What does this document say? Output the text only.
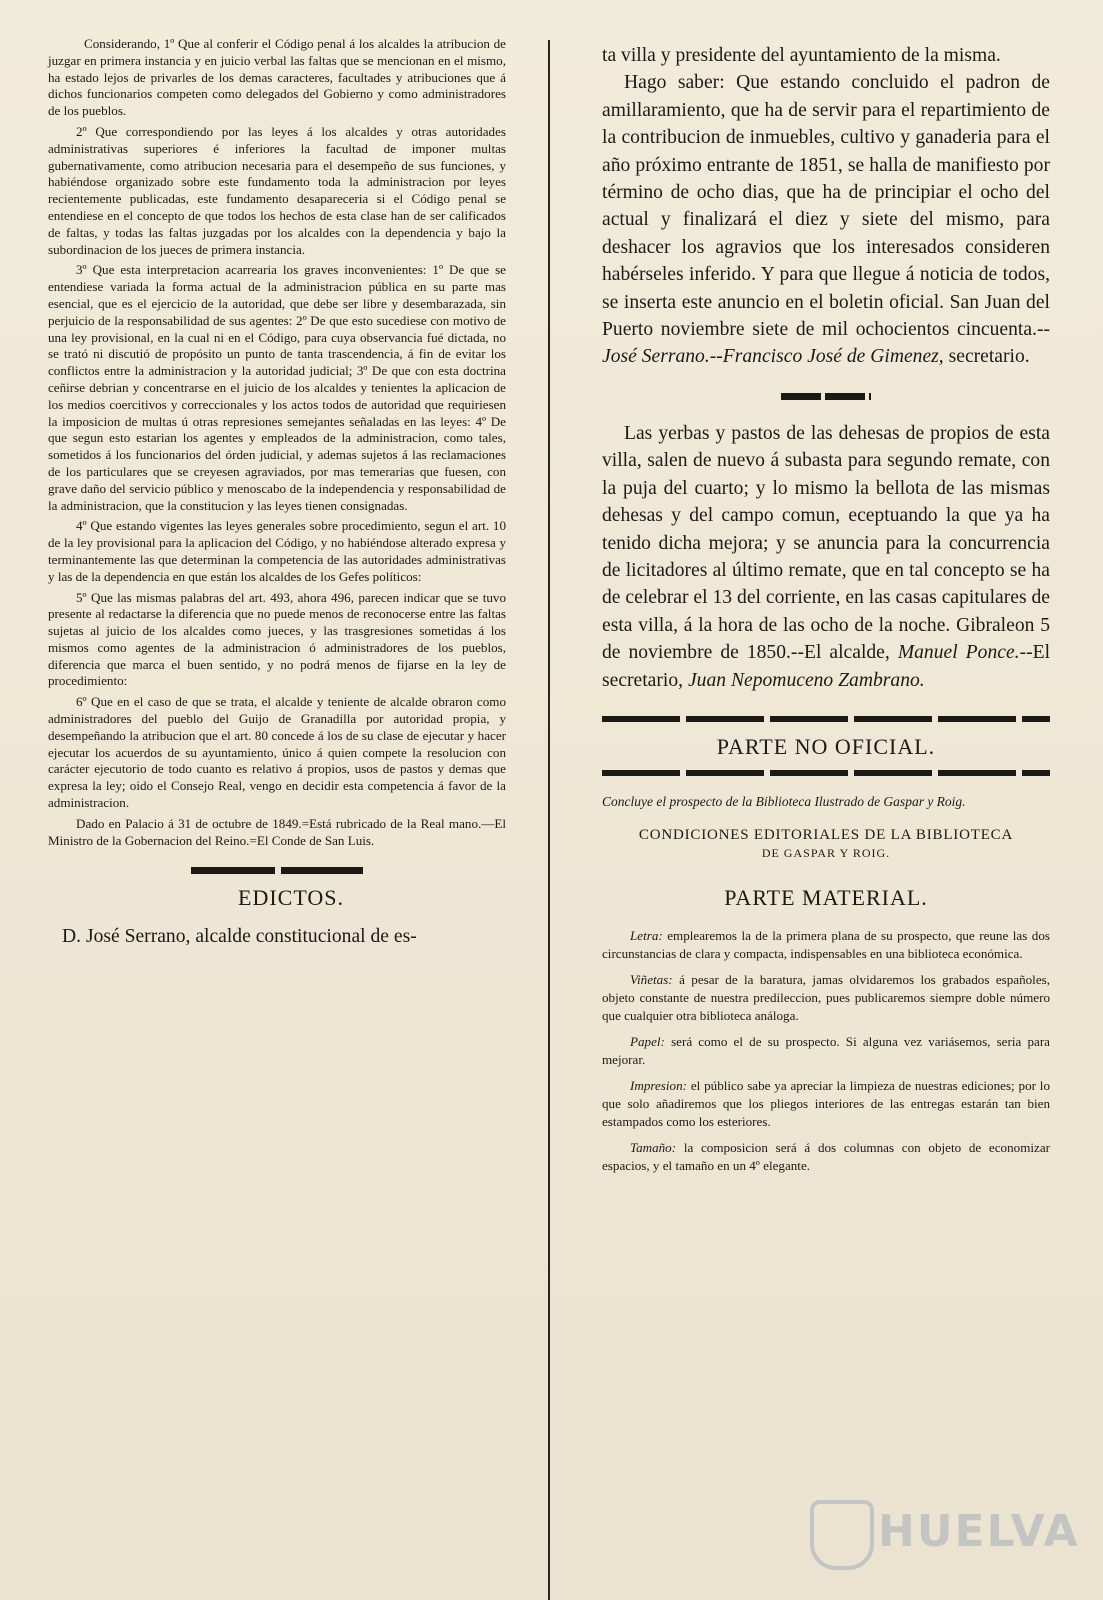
Considerando, 1º Que al conferir el Código penal á los alcaldes la atribucion de juzgar en primera instancia y en juicio verbal las faltas que se mencionan en el mismo, ha estado lejos de privarles de los demas caracteres, facultades y atribuciones que á dichos funcionarios competen como delegados del Gobierno y como administradores de los pueblos.

2º Que correspondiendo por las leyes á los alcaldes y otras autoridades administrativas superiores é inferiores la facultad de imponer multas gubernativamente, como atribucion necesaria para el desempeño de sus funciones, y habiéndose organizado sobre este fundamento toda la administracion por leyes recientemente publicadas, este fundamento desapareceria si el Código penal se entendiese en el concepto de que todos los hechos de esta clase han de ser calificados de faltas, y todas las faltas juzgadas por los alcaldes con la dependencia y bajo la subordinacion de los jueces de primera instancia.

3º Que esta interpretacion acarrearia los graves inconvenientes: 1º De que se entendiese variada la forma actual de la administracion pública en su parte mas esencial, que es el ejercicio de la autoridad, que debe ser libre y desembarazada, sin perjuicio de la responsabilidad de sus agentes: 2º De que esto sucediese con motivo de una ley provisional, en la cual ni en el Código, para cuya observancia fué dictada, no se trató ni discutió de propósito un punto de tanta trascendencia, á fin de evitar los conflictos entre la administracion y la autoridad judicial; 3º De que con esta doctrina ceñirse debrian y concentrarse en el juicio de los alcaldes y tenientes la aplicacion de los medios coercitivos y correccionales y los actos todos de autoridad que requiriesen la imposicion de multas ú otras represiones semejantes señaladas en las leyes: 4º De que segun esto estarian los agentes y empleados de la administracion, como tales, sometidos á los funcionarios del órden judicial, y ademas sujetos á las reclamaciones de los particulares que se creyesen agraviados, por mas temerarias que fuesen, con grave daño del servicio público y menoscabo de la independencia y responsabilidad de la administracion, que la constitucion y las leyes tienen consignadas.

4º Que estando vigentes las leyes generales sobre procedimiento, segun el art. 10 de la ley provisional para la aplicacion del Código, y no habiéndose alterado expresa y terminantemente las que determinan la competencia de las autoridades administrativas y las de la dependencia en que están los alcaldes de los Gefes políticos:

5º Que las mismas palabras del art. 493, ahora 496, parecen indicar que se tuvo presente al redactarse la diferencia que no puede menos de reconocerse entre las faltas sujetas al juicio de los alcaldes como jueces, y las trasgresiones sometidas á los mismos como agentes de la administracion ó administradores de los pueblos, diferencia que marca el buen sentido, y no podrá menos de fijarse en la ley de procedimiento:

6º Que en el caso de que se trata, el alcalde y teniente de alcalde obraron como administradores del pueblo del Guijo de Granadilla por autoridad propia, y desempeñando la atribucion que el art. 80 concede á los de su clase de ejecutar y hacer ejecutar los acuerdos de su ayuntamiento, único á quien compete la resolucion con carácter ejecutorio de todo cuanto es relativo á propios, usos de pastos y demas que expresa la ley; oido el Consejo Real, vengo en decidir esta competencia á favor de la administracion.

Dado en Palacio á 31 de octubre de 1849.=Está rubricado de la Real mano.—El Ministro de la Gobernacion del Reino.=El Conde de San Luis.

EDICTOS.

D. José Serrano, alcalde constitucional de es-

ta villa y presidente del ayuntamiento de la misma.

Hago saber: Que estando concluido el padron de amillaramiento, que ha de servir para el repartimiento de la contribucion de inmuebles, cultivo y ganaderia para el año próximo entrante de 1851, se halla de manifiesto por término de ocho dias, que ha de principiar el ocho del actual y finalizará el diez y siete del mismo, para deshacer los agravios que los interesados consideren habérseles inferido. Y para que llegue á noticia de todos, se inserta este anuncio en el boletin oficial. San Juan del Puerto noviembre siete de mil ochocientos cincuenta.--José Serrano.--Francisco José de Gimenez, secretario.

Las yerbas y pastos de las dehesas de propios de esta villa, salen de nuevo á subasta para segundo remate, con la puja del cuarto; y lo mismo la bellota de las mismas dehesas y del campo comun, eceptuando la que ya ha tenido dicha mejora; y se anuncia para la concurrencia de licitadores al último remate, que en tal concepto se ha de celebrar el 13 del corriente, en las casas capitulares de esta villa, á la hora de las ocho de la noche. Gibraleon 5 de noviembre de 1850.--El alcalde, Manuel Ponce.--El secretario, Juan Nepomuceno Zambrano.

PARTE NO OFICIAL.

Concluye el prospecto de la Biblioteca Ilustrado de Gaspar y Roig.

CONDICIONES EDITORIALES DE LA BIBLIOTECA

DE GASPAR Y ROIG.

PARTE MATERIAL.

Letra: emplearemos la de la primera plana de su prospecto, que reune las dos circunstancias de clara y compacta, indispensables en una biblioteca económica.

Viñetas: á pesar de la baratura, jamas olvidaremos los grabados españoles, objeto constante de nuestra predileccion, pues publicaremos siempre doble número que cualquier otra biblioteca análoga.

Papel: será como el de su prospecto. Si alguna vez variásemos, seria para mejorar.

Impresion: el público sabe ya apreciar la limpieza de nuestras ediciones; por lo que solo añadiremos que los pliegos interiores de las entregas estarán tan bien estampados como los esteriores.

Tamaño: la composicion será á dos columnas con objeto de economizar espacios, y el tamaño en un 4º elegante.

HUELVA
